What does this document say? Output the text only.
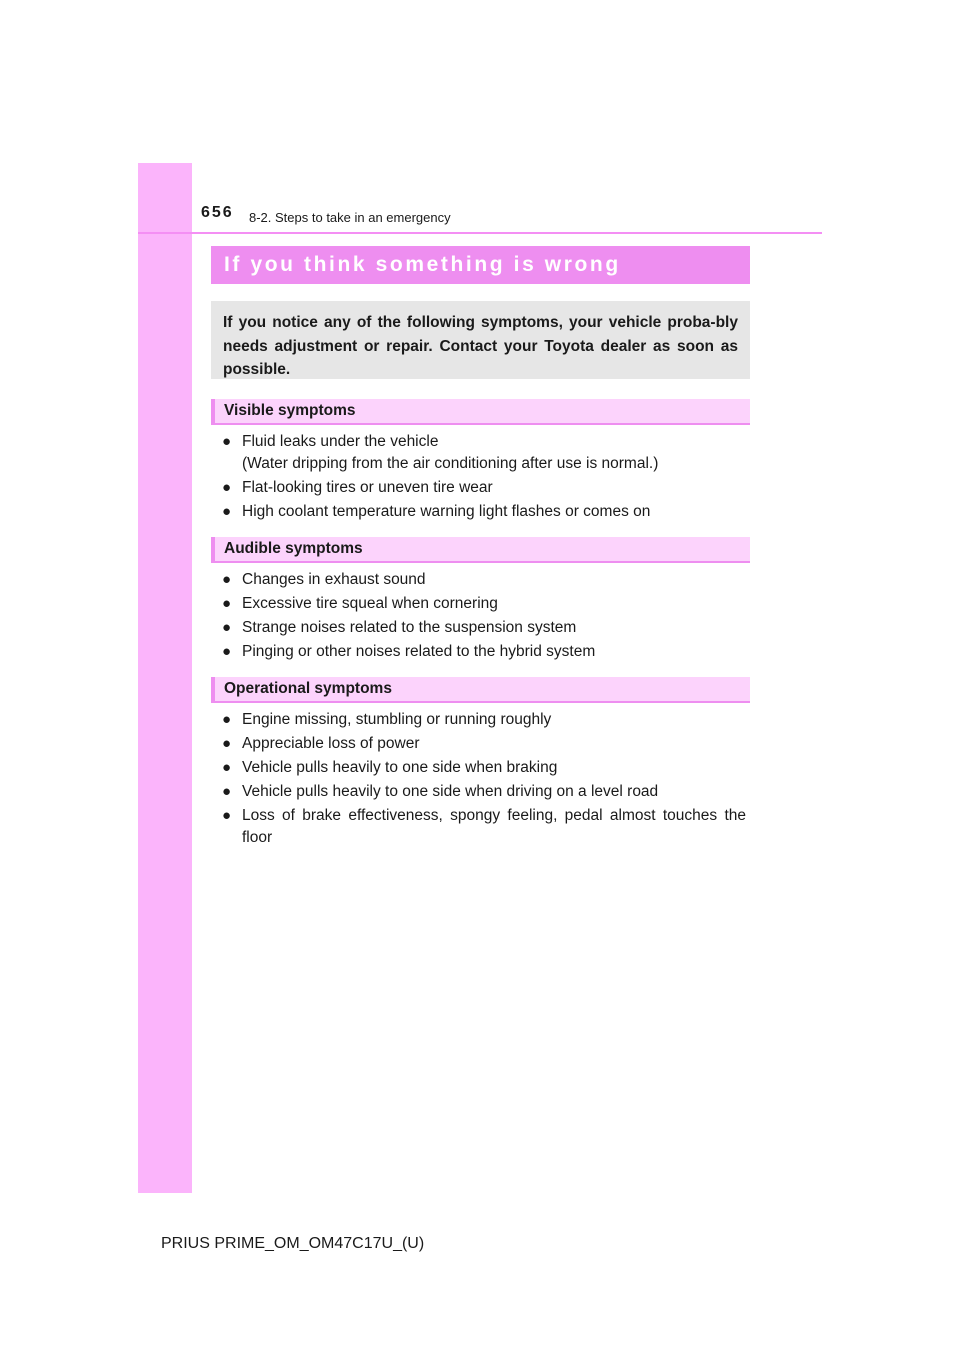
656 8-2. Steps to take in an emergency
If you think something is wrong

If you notice any of the following symptoms, your vehicle proba-bly needs adjustment or repair. Contact your Toyota dealer as soon as possible.

Visible symptoms
● Fluid leaks under the vehicle
(Water dripping from the air conditioning after use is normal.)
● Flat-looking tires or uneven tire wear
● High coolant temperature warning light flashes or comes on
Audible symptoms
● Changes in exhaust sound
● Excessive tire squeal when cornering
● Strange noises related to the suspension system
● Pinging or other noises related to the hybrid system
Operational symptoms
● Engine missing, stumbling or running roughly
● Appreciable loss of power
● Vehicle pulls heavily to one side when braking
● Vehicle pulls heavily to one side when driving on a level road
● Loss of brake effectiveness, spongy feeling, pedal almost touches the floor
PRIUS PRIME_OM_OM47C17U_(U)
